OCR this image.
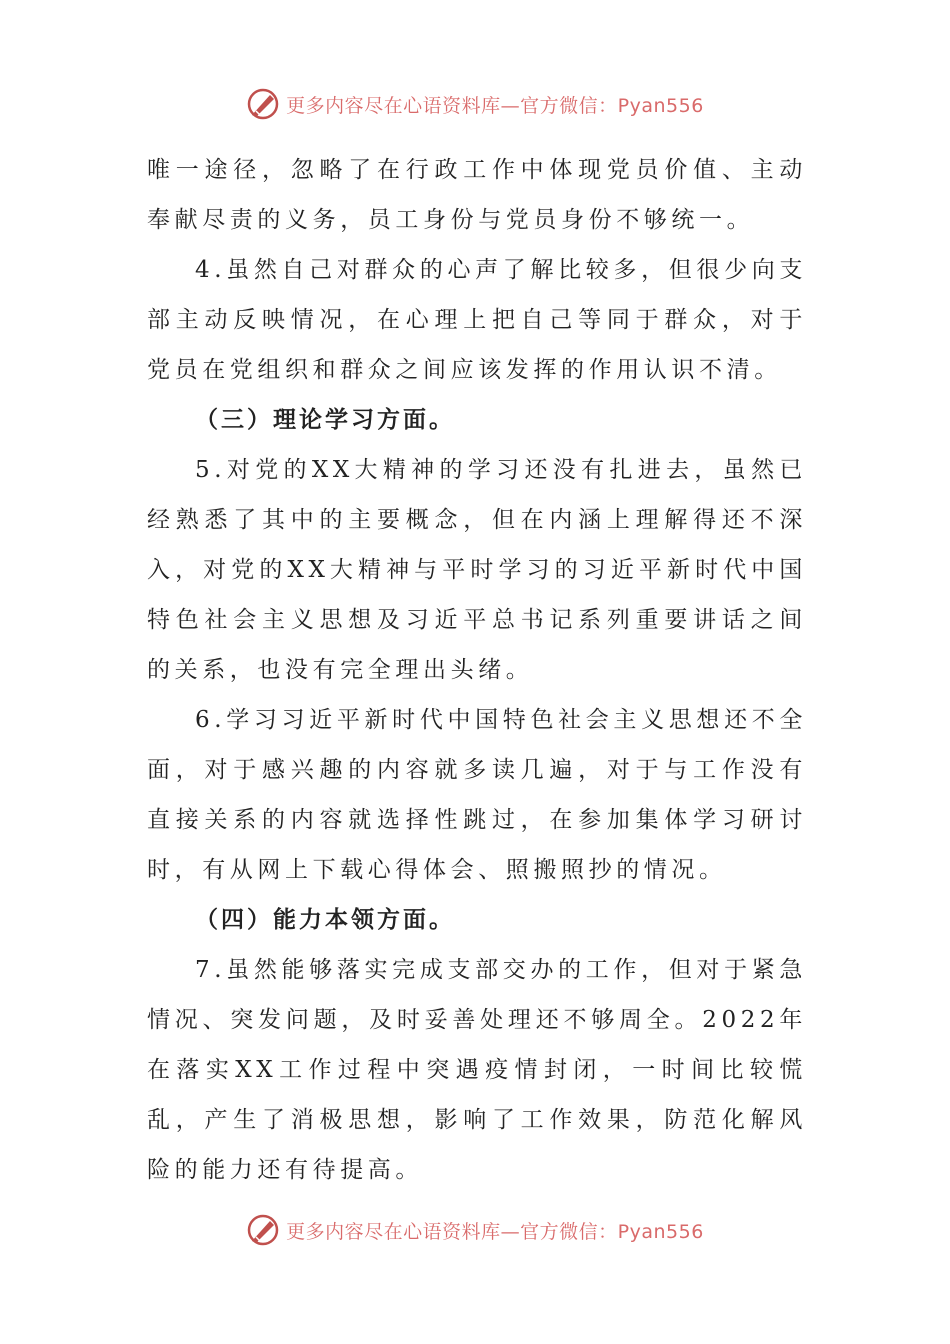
更多内容尽在心语资料库—官方微信：Pyan556

唯一途径，忽略了在行政工作中体现党员价值、主动奉献尽责的义务，员工身份与党员身份不够统一。

4.虽然自己对群众的心声了解比较多，但很少向支部主动反映情况，在心理上把自己等同于群众，对于党员在党组织和群众之间应该发挥的作用认识不清。

（三）理论学习方面。

5.对党的XX大精神的学习还没有扎进去，虽然已经熟悉了其中的主要概念，但在内涵上理解得还不深入，对党的XX大精神与平时学习的习近平新时代中国特色社会主义思想及习近平总书记系列重要讲话之间的关系，也没有完全理出头绪。

6.学习习近平新时代中国特色社会主义思想还不全面，对于感兴趣的内容就多读几遍，对于与工作没有直接关系的内容就选择性跳过，在参加集体学习研讨时，有从网上下载心得体会、照搬照抄的情况。

（四）能力本领方面。

7.虽然能够落实完成支部交办的工作，但对于紧急情况、突发问题，及时妥善处理还不够周全。2022年在落实XX工作过程中突遇疫情封闭，一时间比较慌乱，产生了消极思想，影响了工作效果，防范化解风险的能力还有待提高。

更多内容尽在心语资料库—官方微信：Pyan556
